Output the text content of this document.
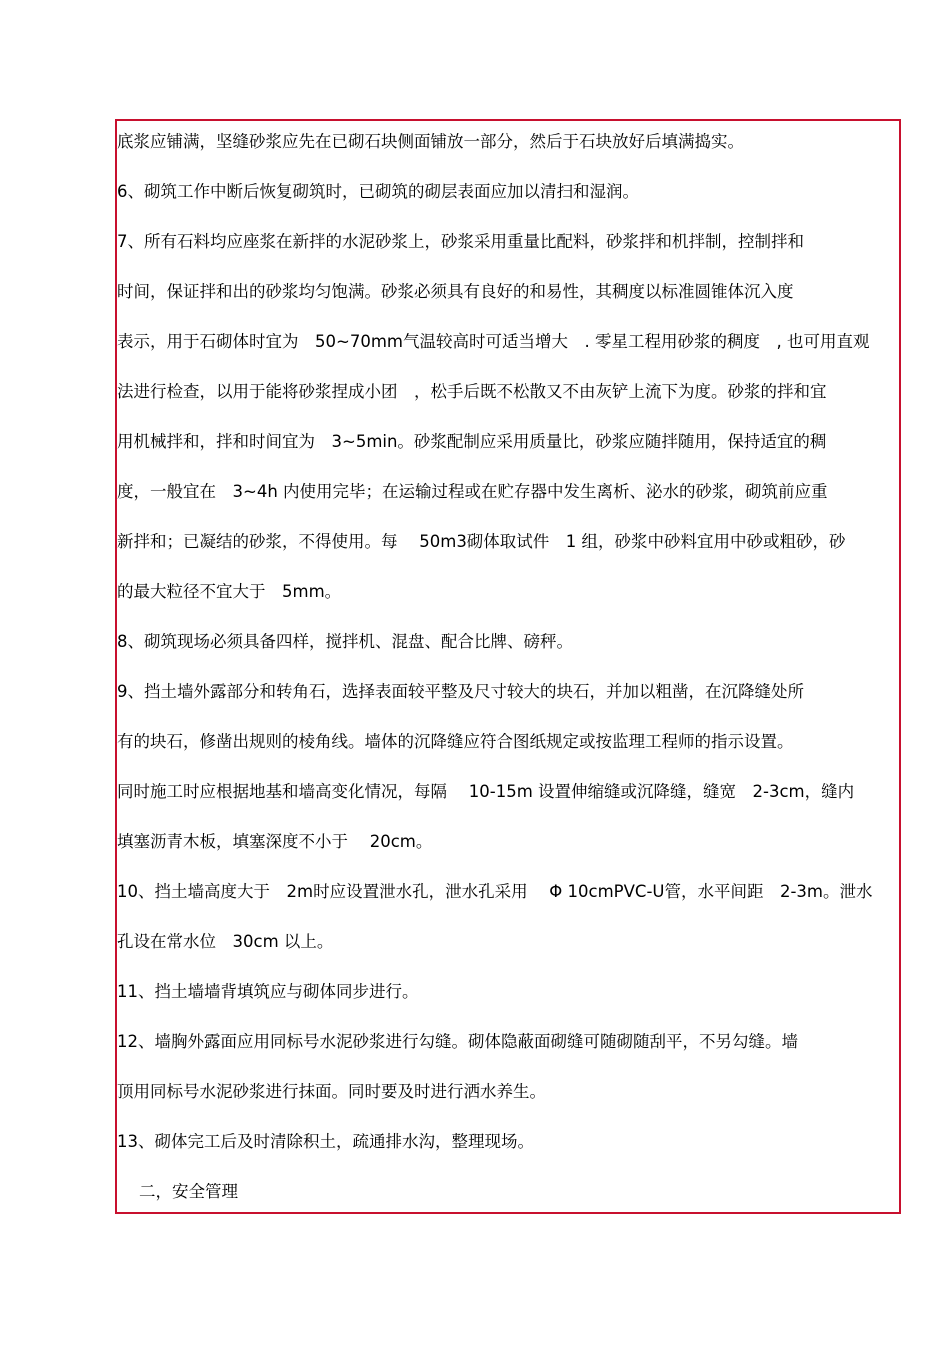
底浆应铺满，坚缝砂浆应先在已砌石块侧面铺放一部分，然后于石块放好后填满捣实。
6、砌筑工作中断后恢复砌筑时，已砌筑的砌层表面应加以清扫和湿润。
7、所有石料均应座浆在新拌的水泥砂浆上，砂浆采用重量比配料，砂浆拌和机拌制，控制拌和
时间，保证拌和出的砂浆均匀饱满。砂浆必须具有良好的和易性，其稠度以标准圆锥体沉入度
表示，用于石砌体时宜为　50~70mm气温较高时可适当增大　. 零星工程用砂浆的稠度　, 也可用直观
法进行检查，以用于能将砂浆捏成小团　，松手后既不松散又不由灰铲上流下为度。砂浆的拌和宜
用机械拌和，拌和时间宜为　3~5min。砂浆配制应采用质量比，砂浆应随拌随用，保持适宜的稠
度，一般宜在　3~4h 内使用完毕；在运输过程或在贮存器中发生离析、泌水的砂浆，砌筑前应重
新拌和；已凝结的砂浆，不得使用。每　 50m3砌体取试件　1 组，砂浆中砂料宜用中砂或粗砂，砂
的最大粒径不宜大于　5mm。
8、砌筑现场必须具备四样，搅拌机、混盘、配合比牌、磅秤。
9、挡土墙外露部分和转角石，选择表面较平整及尺寸较大的块石，并加以粗凿，在沉降缝处所
有的块石，修凿出规则的棱角线。墙体的沉降缝应符合图纸规定或按监理工程师的指示设置。
同时施工时应根据地基和墙高变化情况，每隔　 10-15m 设置伸缩缝或沉降缝，缝宽　2-3cm，缝内
填塞沥青木板，填塞深度不小于　 20cm。
10、挡土墙高度大于　2m时应设置泄水孔，泄水孔采用　 Φ 10cmPVC-U管，水平间距　2-3m。泄水
孔设在常水位　30cm 以上。
11、挡土墙墙背填筑应与砌体同步进行。
12、墙胸外露面应用同标号水泥砂浆进行勾缝。砌体隐蔽面砌缝可随砌随刮平，不另勾缝。墙
顶用同标号水泥砂浆进行抹面。同时要及时进行洒水养生。
13、砌体完工后及时清除积土，疏通排水沟，整理现场。
二，安全管理
